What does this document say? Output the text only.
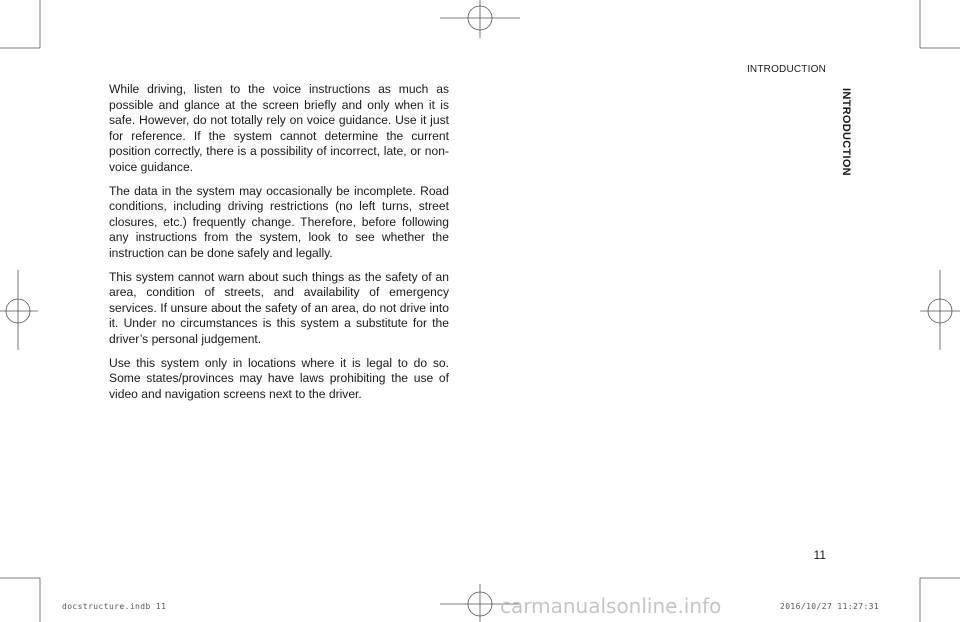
INTRODUCTION
INTRODUCTION

While driving, listen to the voice instructions as much as possible and glance at the screen briefly and only when it is safe. However, do not totally rely on voice guidance. Use it just for reference. If the system cannot determine the current position correctly, there is a possibility of incorrect, late, or non-voice guidance.

The data in the system may occasionally be incomplete. Road conditions, including driving restrictions (no left turns, street closures, etc.) frequently change. Therefore, before following any instructions from the system, look to see whether the instruction can be done safely and legally.

This system cannot warn about such things as the safety of an area, condition of streets, and availability of emergency services. If unsure about the safety of an area, do not drive into it. Under no circumstances is this system a substitute for the driver’s personal judgement.

Use this system only in locations where it is legal to do so. Some states/provinces may have laws prohibiting the use of video and navigation screens next to the driver.

11
docstructure.indb 11	carmanualsonline.info	2016/10/27 11:27:31
